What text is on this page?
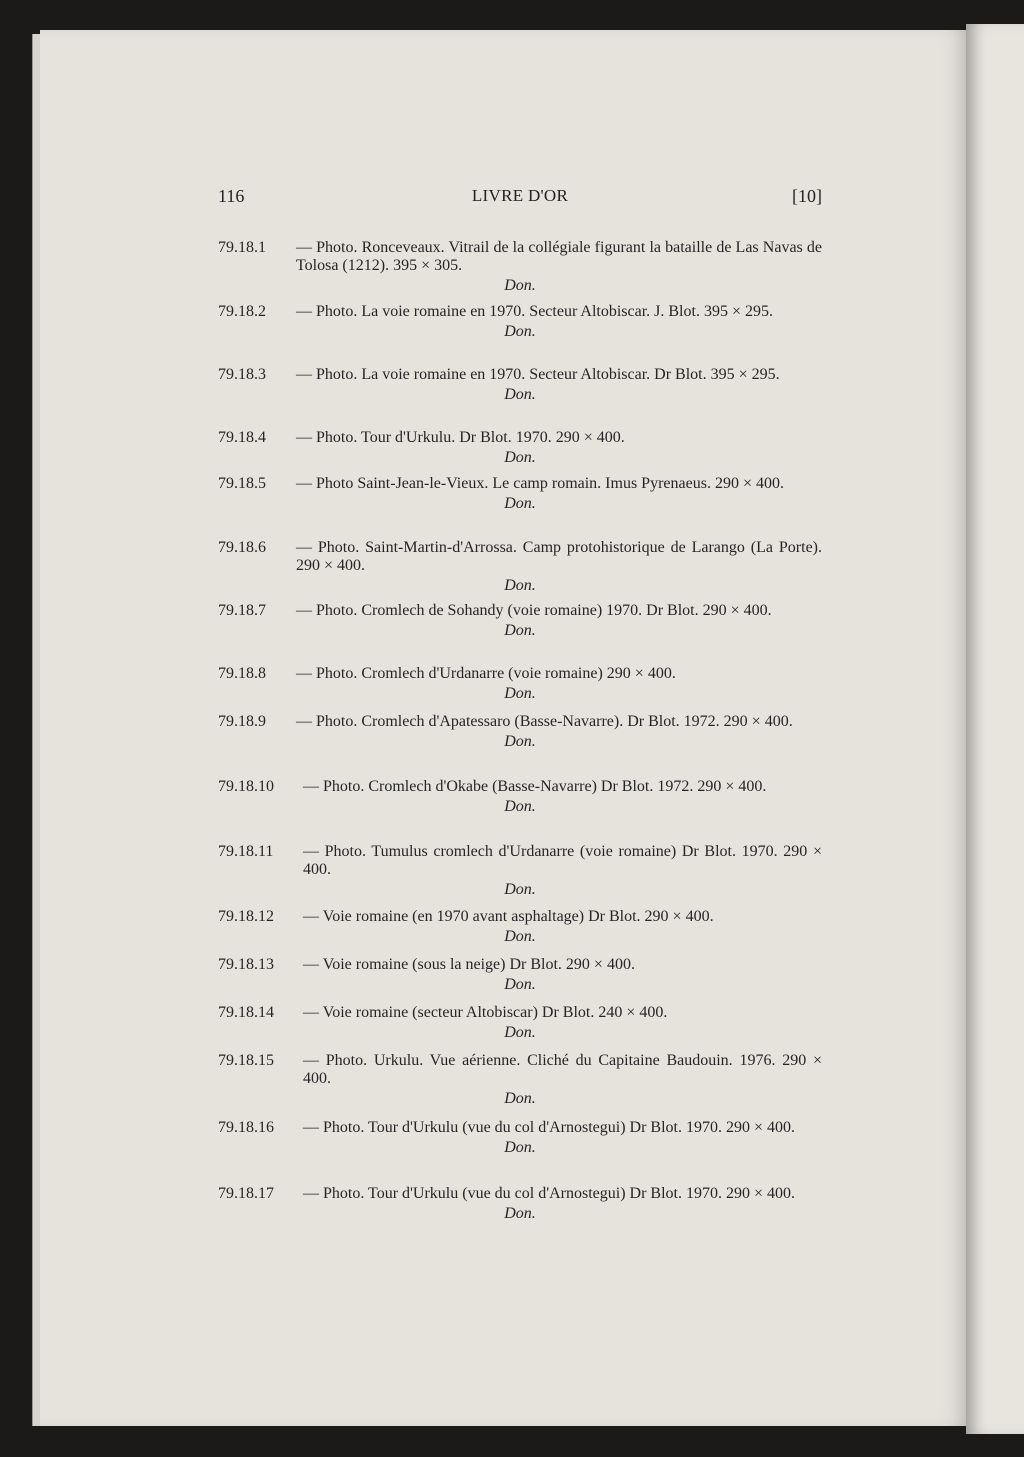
116	LIVRE D'OR	[10]
79.18.1 — Photo. Ronceveaux. Vitrail de la collégiale figurant la bataille de Las Navas de Tolosa (1212). 395 × 305.
Don.
79.18.2 — Photo. La voie romaine en 1970. Secteur Altobiscar. J. Blot. 395 × 295.
Don.
79.18.3 — Photo. La voie romaine en 1970. Secteur Altobiscar. Dr Blot. 395 × 295.
Don.
79.18.4 — Photo. Tour d'Urkulu. Dr Blot. 1970. 290 × 400.
Don.
79.18.5 — Photo Saint-Jean-le-Vieux. Le camp romain. Imus Pyrenaeus. 290 × 400.
Don.
79.18.6 — Photo. Saint-Martin-d'Arrossa. Camp protohistorique de Larango (La Porte). 290 × 400.
Don.
79.18.7 — Photo. Cromlech de Sohandy (voie romaine) 1970. Dr Blot. 290 × 400.
Don.
79.18.8 — Photo. Cromlech d'Urdanarre (voie romaine) 290 × 400.
Don.
79.18.9 — Photo. Cromlech d'Apatessaro (Basse-Navarre). Dr Blot. 1972. 290 × 400.
Don.
79.18.10 — Photo. Cromlech d'Okabe (Basse-Navarre) Dr Blot. 1972. 290 × 400.
Don.
79.18.11 — Photo. Tumulus cromlech d'Urdanarre (voie romaine) Dr Blot. 1970. 290 × 400.
Don.
79.18.12 — Voie romaine (en 1970 avant asphaltage) Dr Blot. 290 × 400.
Don.
79.18.13 — Voie romaine (sous la neige) Dr Blot. 290 × 400.
Don.
79.18.14 — Voie romaine (secteur Altobiscar) Dr Blot. 240 × 400.
Don.
79.18.15 — Photo. Urkulu. Vue aérienne. Cliché du Capitaine Baudouin. 1976. 290 × 400.
Don.
79.18.16 — Photo. Tour d'Urkulu (vue du col d'Arnostegui) Dr Blot. 1970. 290 × 400.
Don.
79.18.17 — Photo. Tour d'Urkulu (vue du col d'Arnostegui) Dr Blot. 1970. 290 × 400.
Don.
